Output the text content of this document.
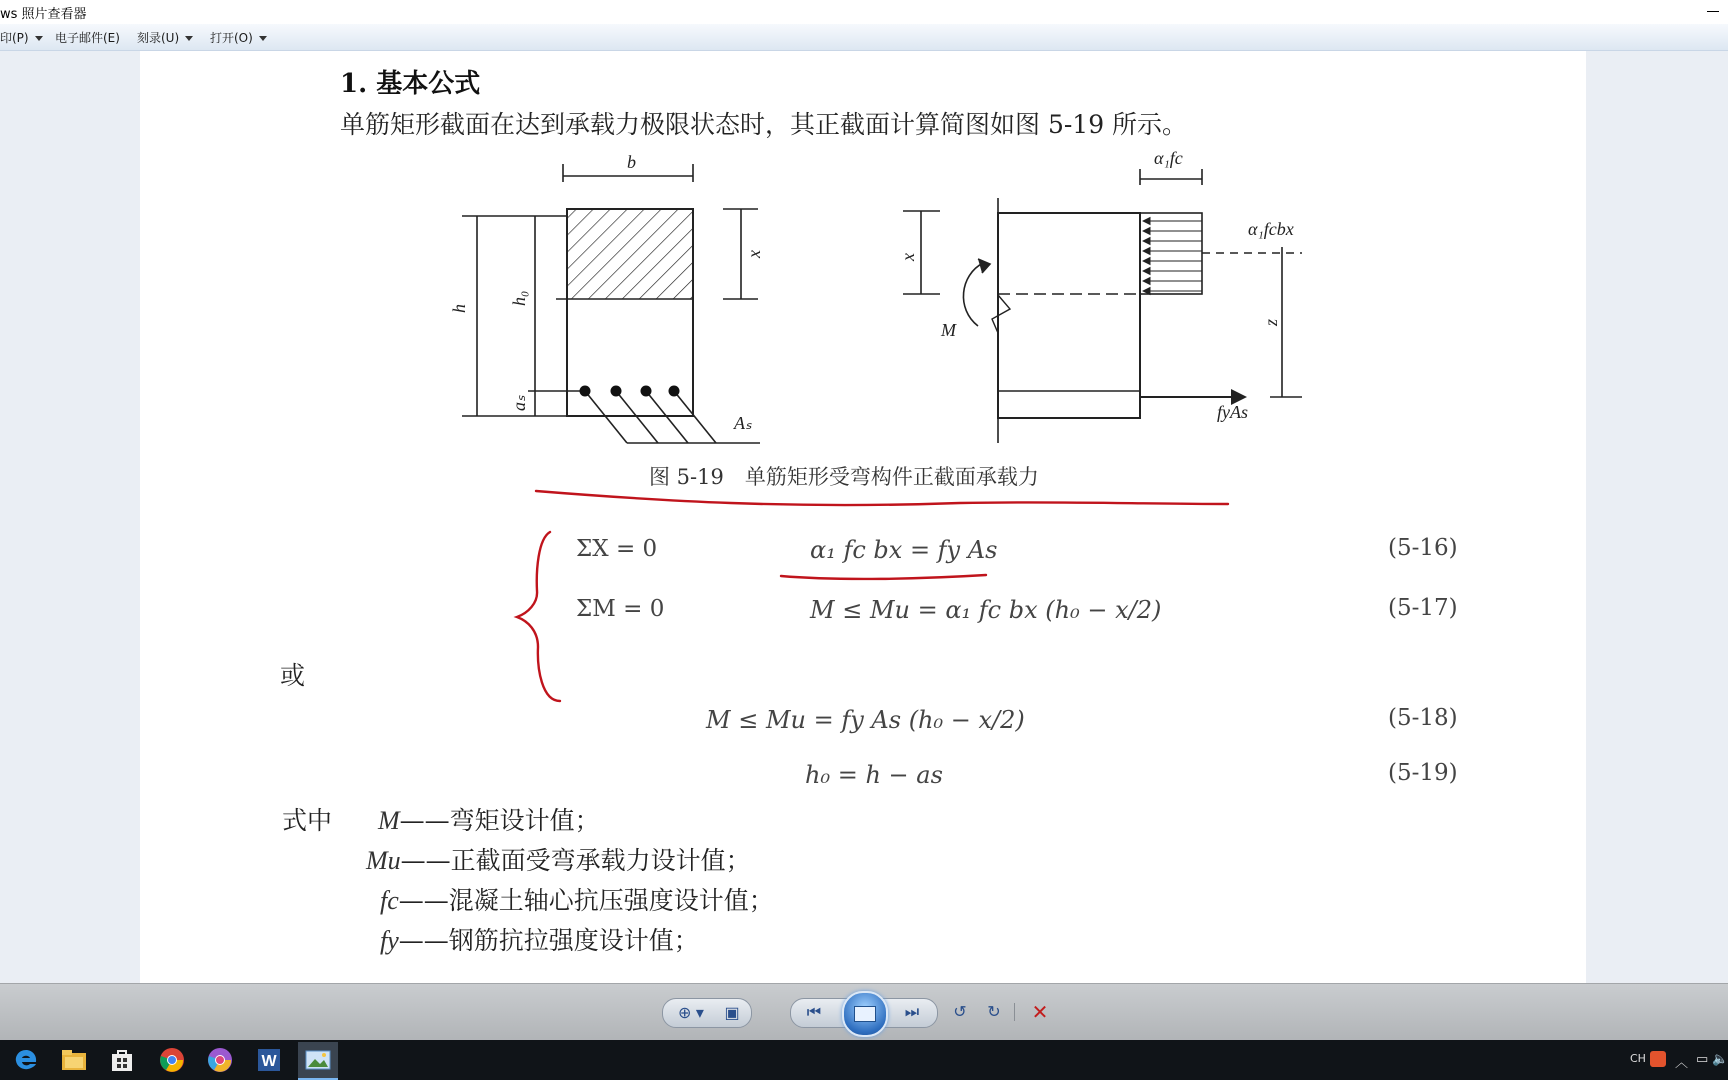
ws 照片查看器
印(P)	电子邮件(E) 刻录(U)	打开(O)
1. 基本公式
单筋矩形截面在达到承载力极限状态时，其正截面计算简图如图 5-19 所示。
b
x
h
h₀
aₛ
Aₛ
α₁fc
α₁fcbx
x
M	z
fyAs
图 5-19　单筋矩形受弯构件正截面承载力
ΣX = 0	α₁ fc bx = fy As	(5-16)
ΣM = 0	M ≤ Mu = α₁ fc bx (h₀ − x/2)	(5-17)
或
M ≤ Mu = fy As (h₀ − x/2)	(5-18)
h₀ = h − as	(5-19)
式中 M——弯矩设计值；
Mu——正截面受弯承载力设计值；
fc——混凝土轴心抗压强度设计值；
fy——钢筋抗拉强度设计值；
⊕ ▾ ▣	⏮	⏭ ↺ ↻ ✕
W	CH ︿ ▭ 🔈
